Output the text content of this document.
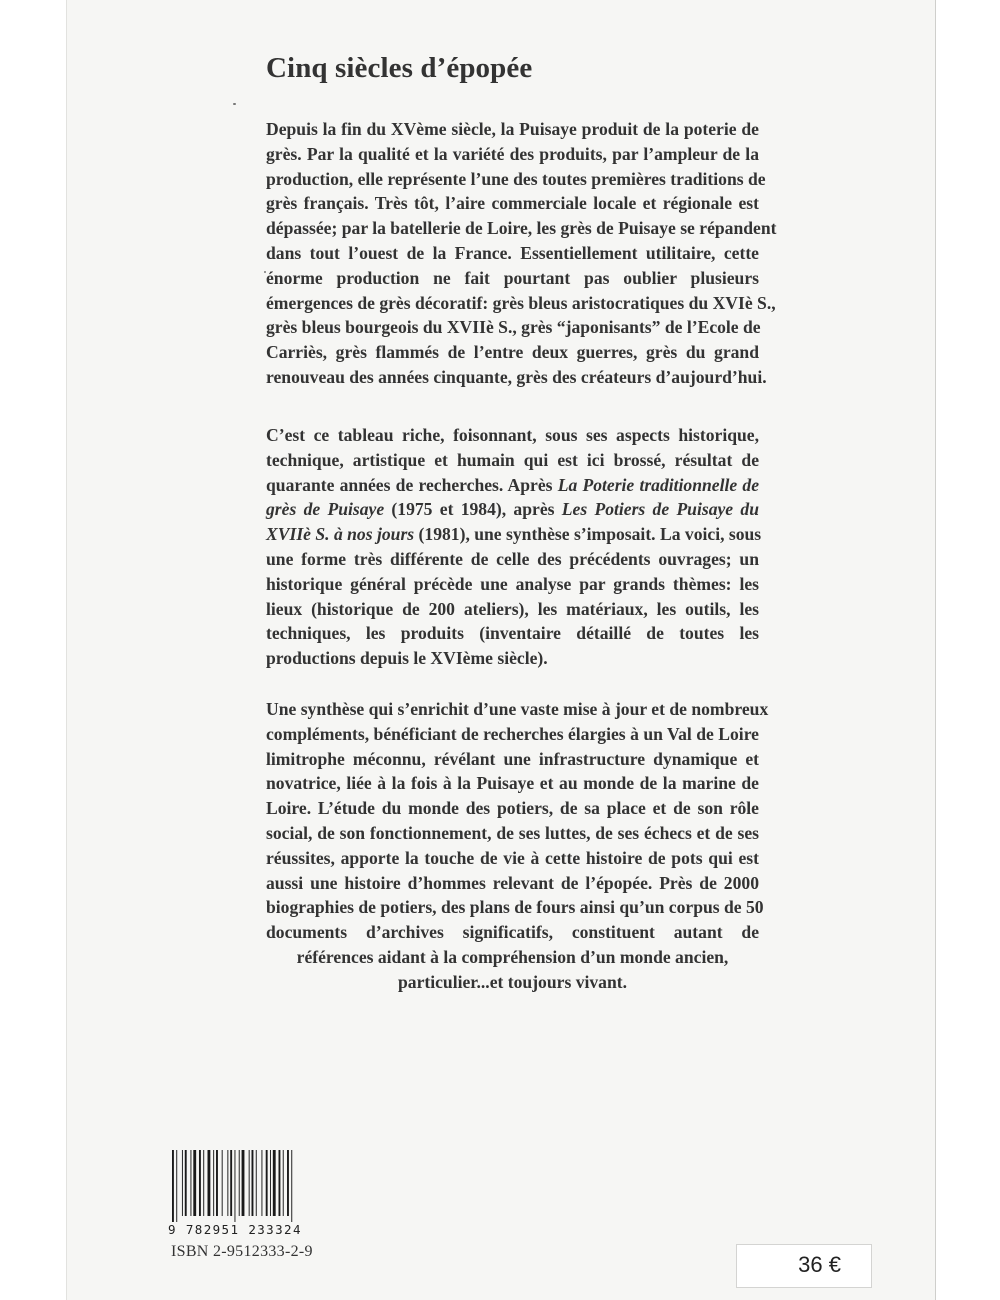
Cinq siècles d’épopée

Depuis la fin du XVème siècle, la Puisaye produit de la poterie de
grès. Par la qualité et la variété des produits, par l’ampleur de la
production, elle représente l’une des toutes premières traditions de
grès français. Très tôt, l’aire commerciale locale et régionale est
dépassée; par la batellerie de Loire, les grès de Puisaye se répandent
dans tout l’ouest de la France. Essentiellement utilitaire, cette
énorme production ne fait pourtant pas oublier plusieurs
émergences de grès décoratif: grès bleus aristocratiques du XVIè S.,
grès bleus bourgeois du XVIIè S., grès “japonisants” de l’Ecole de
Carriès, grès flammés de l’entre deux guerres, grès du grand
renouveau des années cinquante, grès des créateurs d’aujourd’hui.

C’est ce tableau riche, foisonnant, sous ses aspects historique,
technique, artistique et humain qui est ici brossé, résultat de
quarante années de recherches. Après La Poterie traditionnelle de
grès de Puisaye (1975 et 1984), après Les Potiers de Puisaye du
XVIIè S. à nos jours (1981), une synthèse s’imposait. La voici, sous
une forme très différente de celle des précédents ouvrages; un
historique général précède une analyse par grands thèmes: les
lieux (historique de 200 ateliers), les matériaux, les outils, les
techniques, les produits (inventaire détaillé de toutes les
productions depuis le XVIème siècle).

Une synthèse qui s’enrichit d’une vaste mise à jour et de nombreux
compléments, bénéficiant de recherches élargies à un Val de Loire
limitrophe méconnu, révélant une infrastructure dynamique et
novatrice, liée à la fois à la Puisaye et au monde de la marine de
Loire. L’étude du monde des potiers, de sa place et de son rôle
social, de son fonctionnement, de ses luttes, de ses échecs et de ses
réussites, apporte la touche de vie à cette histoire de pots qui est
aussi une histoire d’hommes relevant de l’épopée. Près de 2000
biographies de potiers, des plans de fours ainsi qu’un corpus de 50
documents d’archives significatifs, constituent autant de
références aidant à la compréhension d’un monde ancien,
particulier...et toujours vivant.

9 782951 233324
ISBN 2-9512333-2-9
36 €
